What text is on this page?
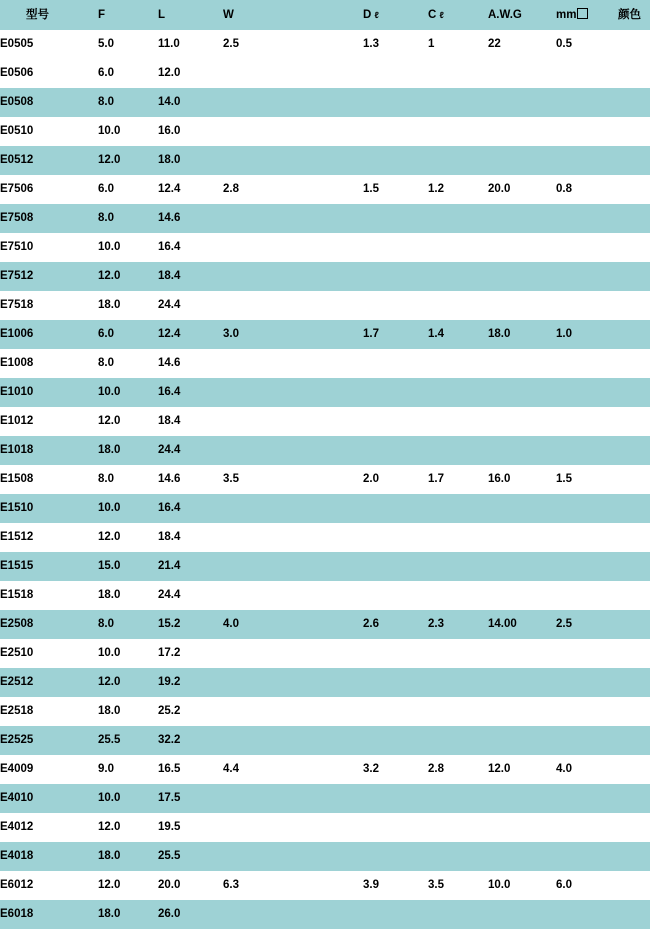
型号	F	L	W	D ℓ	C ℓ	A.W.G	mm	颜色
E0505	5.0	11.0	2.5	1.3	1	22	0.5	
E0506	6.0	12.0						
E0508	8.0	14.0						
E0510	10.0	16.0						
E0512	12.0	18.0						
E7506	6.0	12.4	2.8	1.5	1.2	20.0	0.8	
E7508	8.0	14.6						
E7510	10.0	16.4						
E7512	12.0	18.4						
E7518	18.0	24.4						
E1006	6.0	12.4	3.0	1.7	1.4	18.0	1.0	
E1008	8.0	14.6						
E1010	10.0	16.4						
E1012	12.0	18.4						
E1018	18.0	24.4						
E1508	8.0	14.6	3.5	2.0	1.7	16.0	1.5	
E1510	10.0	16.4						
E1512	12.0	18.4						
E1515	15.0	21.4						
E1518	18.0	24.4						
E2508	8.0	15.2	4.0	2.6	2.3	14.00	2.5	
E2510	10.0	17.2						
E2512	12.0	19.2						
E2518	18.0	25.2						
E2525	25.5	32.2						
E4009	9.0	16.5	4.4	3.2	2.8	12.0	4.0	
E4010	10.0	17.5						
E4012	12.0	19.5						
E4018	18.0	25.5						
E6012	12.0	20.0	6.3	3.9	3.5	10.0	6.0	
E6018	18.0	26.0						
